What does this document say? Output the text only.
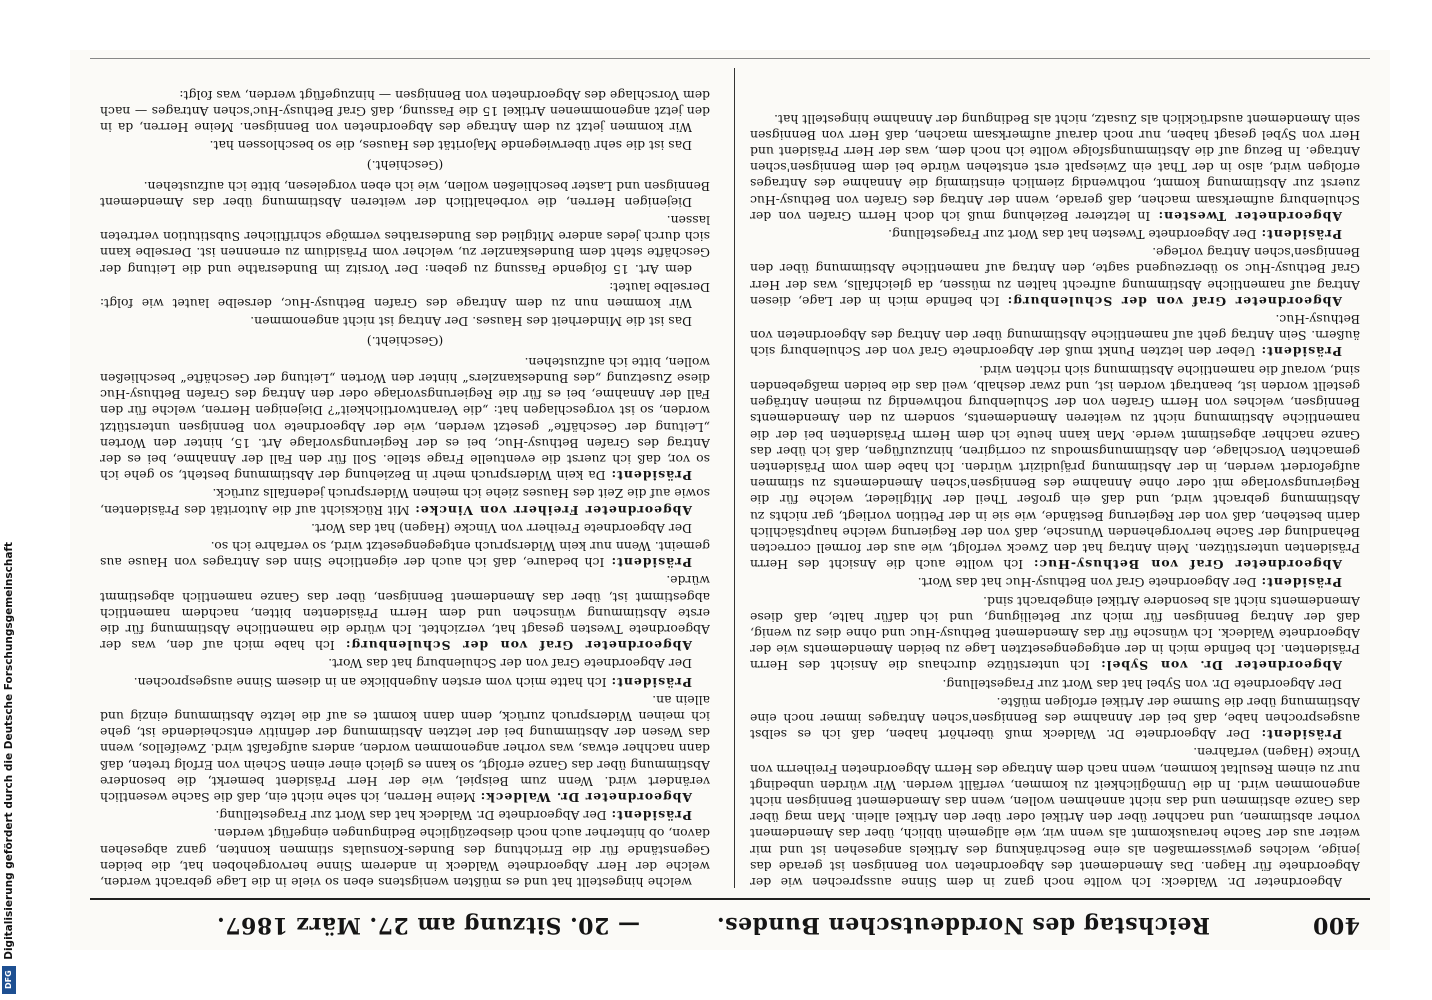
Digitalisierung gefördert durch die Deutsche Forschungsgemeinschaft
DFG
400
Reichstag des Norddeutschen Bundes.
— 20. Sitzung am 27. März 1867.

Abgeordneter Dr. Waldeck: Ich wollte noch ganz in dem Sinne aussprechen wie der Abgeordnete für Hagen. Das Amendement des Abgeordneten von Bennigsen ist gerade das jenige, welches gewissermaßen als eine Beschränkung des Artikels angesehen ist und mir weiter aus der Sache herauskommt als wenn wir, wie allgemein üblich, über das Amendement vorher abstimmen, und nachher über den Artikel oder über den Artikel allein. Man mag über das Ganze abstimmen und das nicht annehmen wollen, wenn das Amendement Bennigsen nicht angenommen wird. In die Unmöglichkeit zu kommen, verfällt werden. Wir würden unbedingt nur zu einem Resultat kommen, wenn nach dem Antrage des Herrn Abgeordneten Freiherrn von Vincke (Hagen) verfahren.

Präsident: Der Abgeordnete Dr. Waldeck muß überhört haben, daß ich es selbst ausgesprochen habe, daß bei der Annahme des Bennigsen'schen Antrages immer noch eine Abstimmung über die Summe der Artikel erfolgen müßte.

Der Abgeordnete Dr. von Sybel hat das Wort zur Fragestellung.

Abgeordneter Dr. von Sybel: Ich unterstütze durchaus die Ansicht des Herrn Präsidenten. Ich befinde mich in der entgegengesetzten Lage zu beiden Amendements wie der Abgeordnete Waldeck. Ich wünsche für das Amendement Bethusy-Huc und ohne dies zu wenig, daß der Antrag Bennigsen für mich zur Beteiligung, und ich dafür halte, daß diese Amendements nicht als besondere Artikel eingebracht sind.

Präsident: Der Abgeordnete Graf von Bethusy-Huc hat das Wort.

Abgeordneter Graf von Bethusy-Huc: Ich wollte auch die Ansicht des Herrn Präsidenten unterstützen. Mein Antrag hat den Zweck verfolgt, wie aus der formell correcten Behandlung der Sache hervorgehenden Wunsche, daß von der Regierung welche hauptsächlich darin bestehen, daß von der Regierung Bestände, wie sie in der Petition vorliegt, gar nichts zu Abstimmung gebracht wird, und daß ein großer Theil der Mitglieder, welche für die Regierungsvorlage mit oder ohne Annahme des Bennigsen'schen Amendements zu stimmen aufgefordert werden, in der Abstimmung präjudizirt würden. Ich habe dem vom Präsidenten gemachten Vorschlage, den Abstimmungsmodus zu corrigiren, hinzuzufügen, daß ich über das Ganze nachher abgestimmt werde. Man kann heute ich dem Herrn Präsidenten bei der die namentliche Abstimmung nicht zu weiteren Amendements, sondern zu den Amendements Bennigsen, welches von Herrn Grafen von der Schulenburg nothwendig zu meinen Anträgen gestellt worden ist, beantragt worden ist, und zwar deshalb, weil das die beiden maßgebenden sind, worauf die namentliche Abstimmung sich richten wird.

Präsident: Ueber den letzten Punkt muß der Abgeordnete Graf von der Schulenburg sich äußern. Sein Antrag geht auf namentliche Abstimmung über den Antrag des Abgeordneten von Bethusy-Huc.

Abgeordneter Graf von der Schulenburg: Ich befinde mich in der Lage, diesen Antrag auf namentliche Abstimmung aufrecht halten zu müssen, da gleichfalls, was der Herr Graf Bethusy-Huc so überzeugend sagte, den Antrag auf namentliche Abstimmung über den Bennigsen'schen Antrag vorlege.

Präsident: Der Abgeordnete Twesten hat das Wort zur Fragestellung.

Abgeordneter Twesten: In letzterer Beziehung muß ich doch Herrn Grafen von der Schulenburg aufmerksam machen, daß gerade, wenn der Antrag des Grafen von Bethusy-Huc zuerst zur Abstimmung kommt, nothwendig ziemlich einstimmig die Annahme des Antrages erfolgen wird, also in der That ein Zwiespalt erst entstehen würde bei dem Bennigsen'schen Antrage. In Bezug auf die Abstimmungsfolge wollte ich noch dem, was der Herr Präsident und Herr von Sybel gesagt haben, nur noch darauf aufmerksam machen, daß Herr von Bennigsen sein Amendement ausdrücklich als Zusatz, nicht als Bedingung der Annahme hingestellt hat.

welche hingestellt hat und es müßten wenigstens eben so viele in die Lage gebracht werden, welche der Herr Abgeordnete Waldeck in anderem Sinne hervorgehoben hat, die beiden Gegenstände für die Errichtung des Bundes-Konsulats stimmen konnten, ganz abgesehen davon, ob hinterher auch noch diesbezügliche Bedingungen eingefügt werden.

Präsident: Der Abgeordnete Dr. Waldeck hat das Wort zur Fragestellung.

Abgeordneter Dr. Waldeck: Meine Herren, ich sehe nicht ein, daß die Sache wesentlich verändert wird. Wenn zum Beispiel, wie der Herr Präsident bemerkt, die besondere Abstimmung über das Ganze erfolgt, so kann es gleich einer einen Schein von Erfolg treten, daß dann nachher etwas, was vorher angenommen worden, anders aufgefaßt wird. Zweifellos, wenn das Wesen der Abstimmung bei der letzten Abstimmung der definitiv entscheidende ist, gehe ich meinen Widerspruch zurück, denn dann kommt es auf die letzte Abstimmung einzig und allein an.

Präsident: Ich hatte mich vom ersten Augenblicke an in diesem Sinne ausgesprochen.

Der Abgeordnete Graf von der Schulenburg hat das Wort.

Abgeordneter Graf von der Schulenburg: Ich habe mich auf den, was der Abgeordnete Twesten gesagt hat, verzichtet. Ich würde die namentliche Abstimmung für die erste Abstimmung wünschen und dem Herrn Präsidenten bitten, nachdem namentlich abgestimmt ist, über das Amendement Bennigsen, über das Ganze namentlich abgestimmt würde.

Präsident: Ich bedaure, daß ich auch der eigentliche Sinn des Antrages von Hause aus gemeint. Wenn nur kein Widerspruch entgegengesetzt wird, so verfahre ich so.

Der Abgeordnete Freiherr von Vincke (Hagen) hat das Wort.

Abgeordneter Freiherr von Vincke: Mit Rücksicht auf die Autorität des Präsidenten, sowie auf die Zeit des Hauses ziehe ich meinen Widerspruch jedenfalls zurück.

Präsident: Da kein Widerspruch mehr in Beziehung der Abstimmung besteht, so gehe ich so vor, daß ich zuerst die eventuelle Frage stelle. Soll für den Fall der Annahme, bei es der Antrag des Grafen Bethusy-Huc, bei es der Regierungsvorlage Art. 15, hinter den Worten „Leitung der Geschäfte“ gesetzt werden, wie der Abgeordnete von Bennigsen unterstützt worden, so ist vorgeschlagen hat: „die Verantwortlichkeit“? Diejenigen Herren, welche für den Fall der Annahme, bei es für die Regierungsvorlage oder den Antrag des Grafen Bethusy-Huc diese Zusetzung „des Bundeskanzlers“ hinter den Worten „Leitung der Geschäfte“ beschließen wollen, bitte ich aufzustehen.

(Geschieht.)

Das ist die Minderheit des Hauses. Der Antrag ist nicht angenommen.

Wir kommen nun zu dem Antrage des Grafen Bethusy-Huc, derselbe lautet wie folgt: Derselbe lautet:

dem Art. 15 folgende Fassung zu geben: Der Vorsitz im Bundesrathe und die Leitung der Geschäfte steht dem Bundeskanzler zu, welcher vom Präsidium zu ernennen ist. Derselbe kann sich durch jedes andere Mitglied des Bundesrathes vermöge schriftlicher Substitution vertreten lassen.

Diejenigen Herren, die vorbehaltlich der weiteren Abstimmung über das Amendement Bennigsen und Laster beschließen wollen, wie ich eben vorgelesen, bitte ich aufzustehen.

(Geschieht.)

Das ist die sehr überwiegende Majorität des Hauses, die so beschlossen hat.

Wir kommen jetzt zu dem Antrage des Abgeordneten von Bennigsen. Meine Herren, da in den jetzt angenommenen Artikel 15 die Fassung, daß Graf Bethusy-Huc'schen Antrages — nach dem Vorschlage des Abgeordneten von Bennigsen — hinzugefügt werden, was folgt:
